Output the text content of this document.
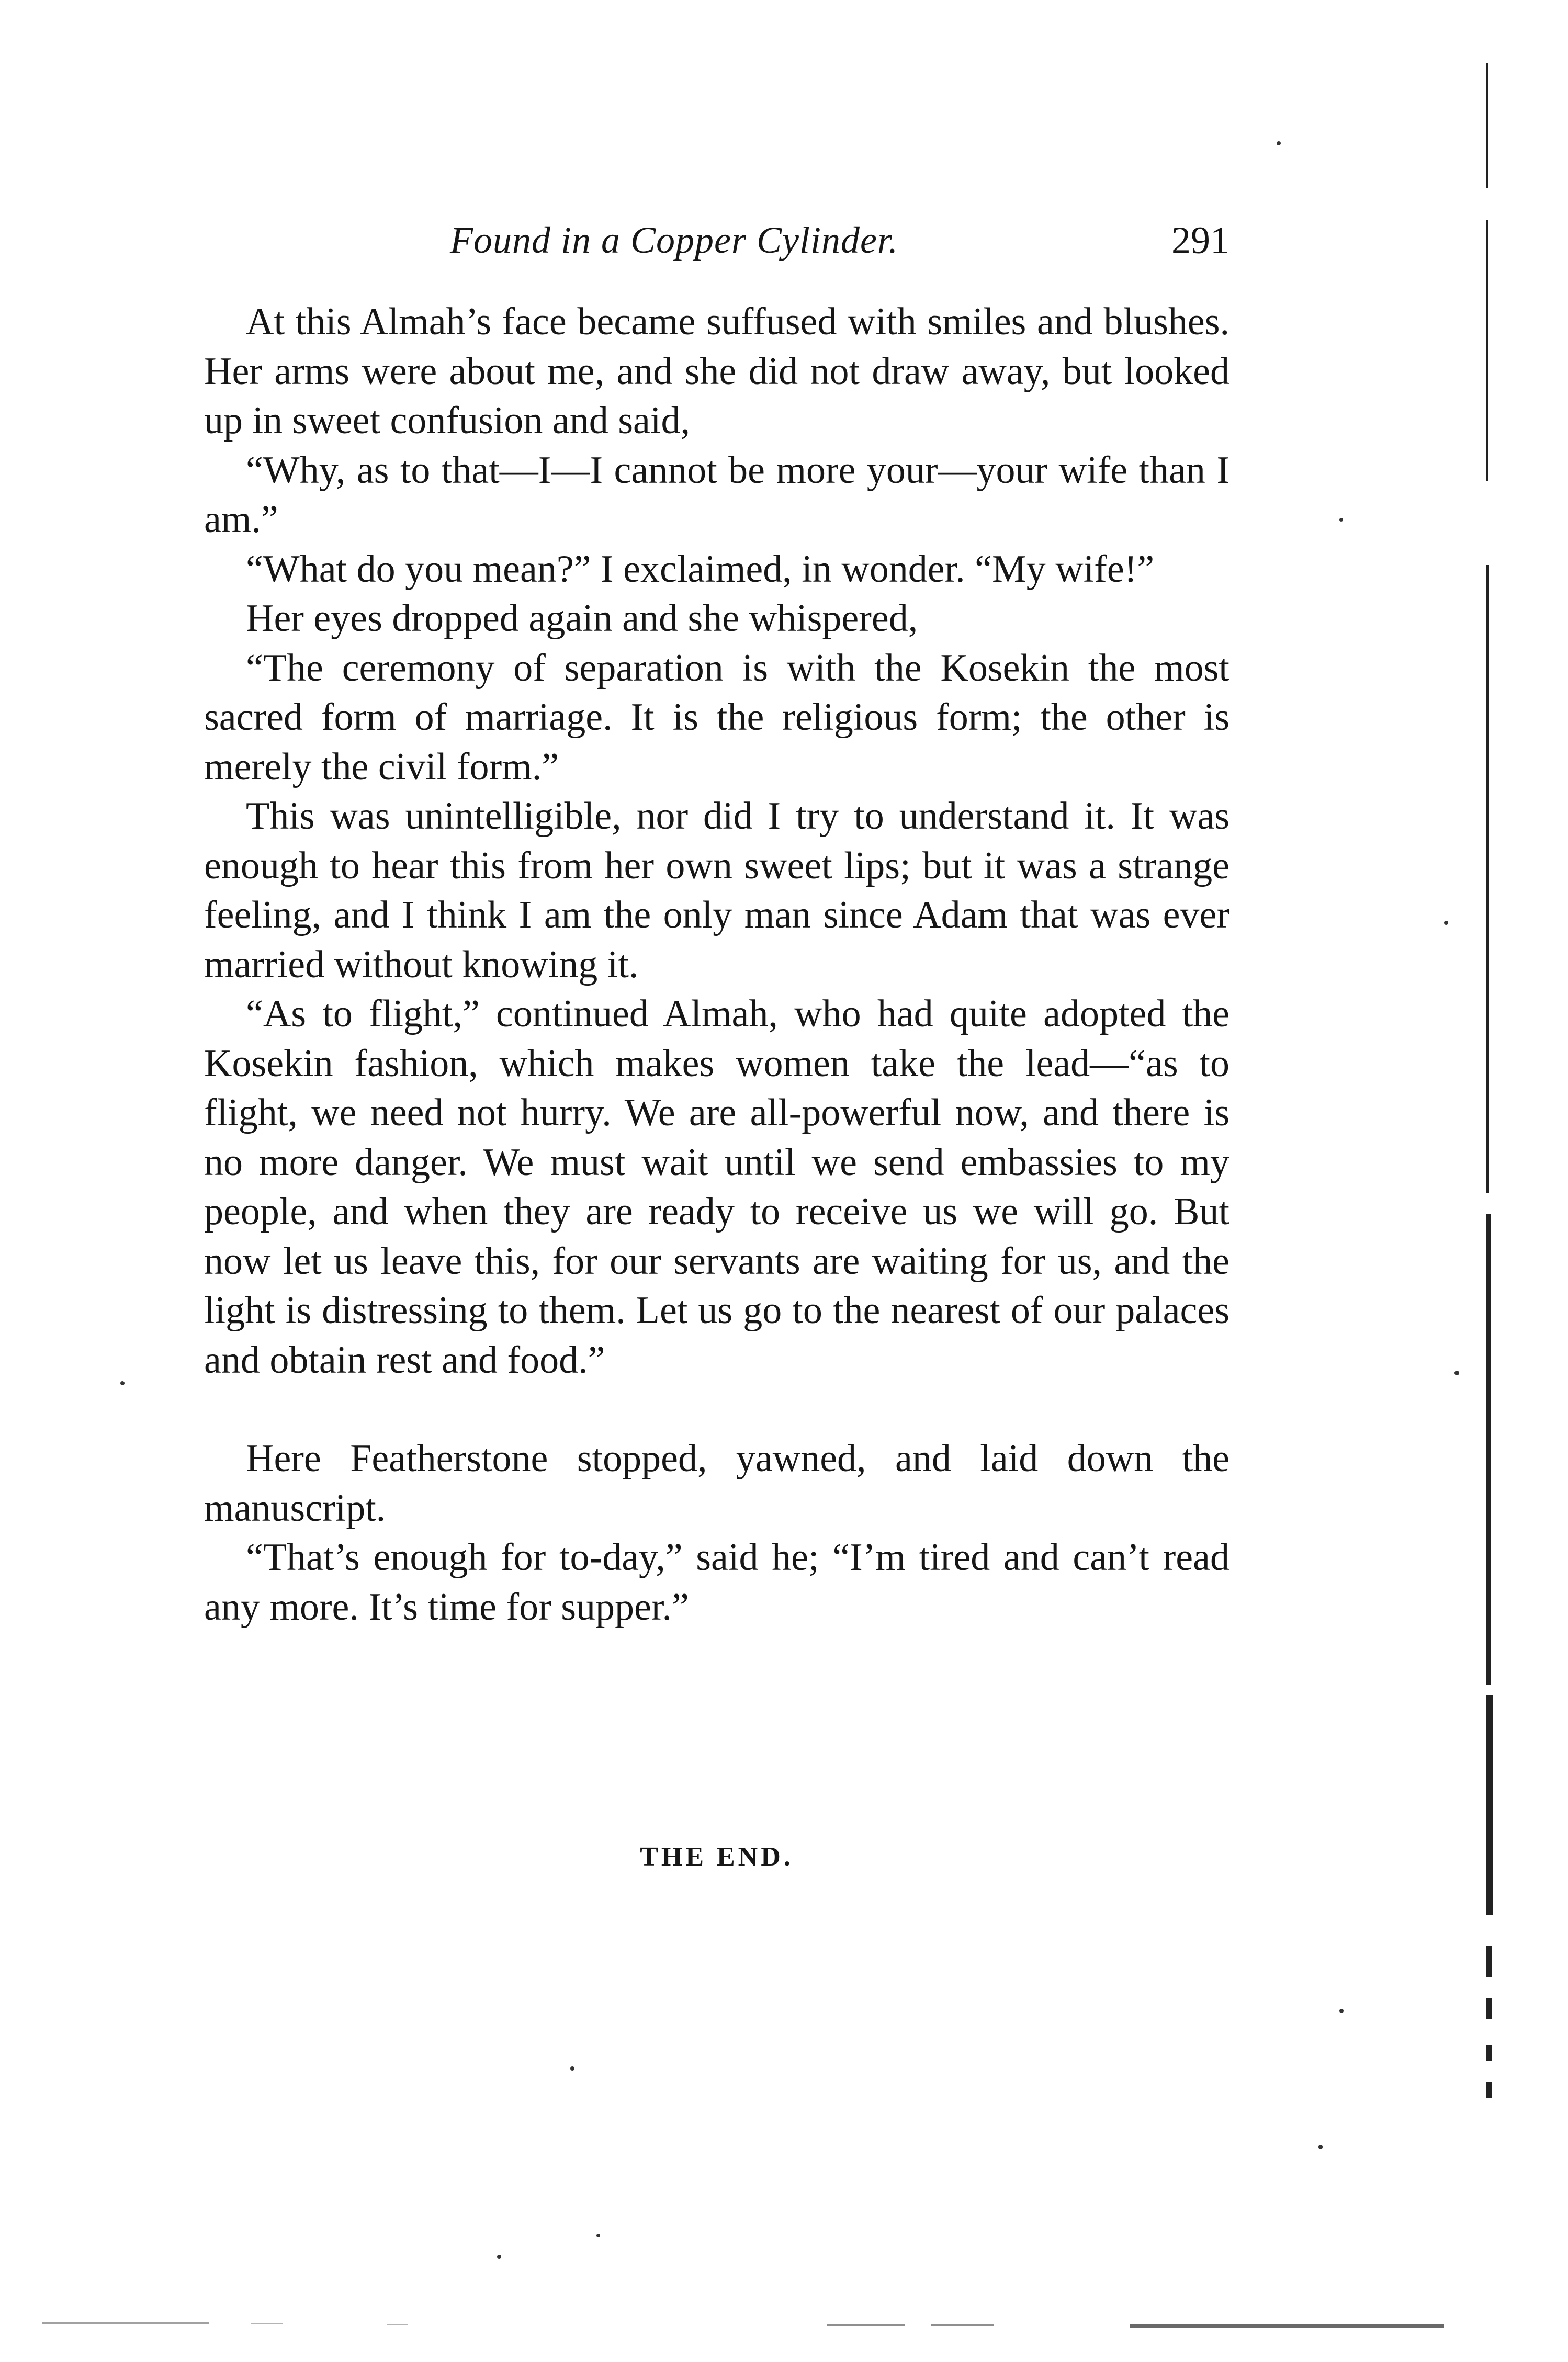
Found in a Copper Cylinder.	291

At this Almah’s face became suffused with smiles and blushes. Her arms were about me, and she did not draw away, but looked up in sweet confusion and said,

“Why, as to that—I—I cannot be more your—your wife than I am.”

“What do you mean?” I exclaimed, in wonder. “My wife!”

Her eyes dropped again and she whispered,

“The ceremony of separation is with the Kosekin the most sacred form of marriage. It is the religious form; the other is merely the civil form.”

This was unintelligible, nor did I try to understand it. It was enough to hear this from her own sweet lips; but it was a strange feeling, and I think I am the only man since Adam that was ever married without knowing it.

“As to flight,” continued Almah, who had quite adopted the Kosekin fashion, which makes women take the lead—“as to flight, we need not hurry. We are all-powerful now, and there is no more danger. We must wait until we send embassies to my people, and when they are ready to receive us we will go. But now let us leave this, for our servants are waiting for us, and the light is distressing to them. Let us go to the nearest of our palaces and obtain rest and food.”

Here Featherstone stopped, yawned, and laid down the manuscript.

“That’s enough for to-day,” said he; “I’m tired and can’t read any more. It’s time for supper.”

THE END.
